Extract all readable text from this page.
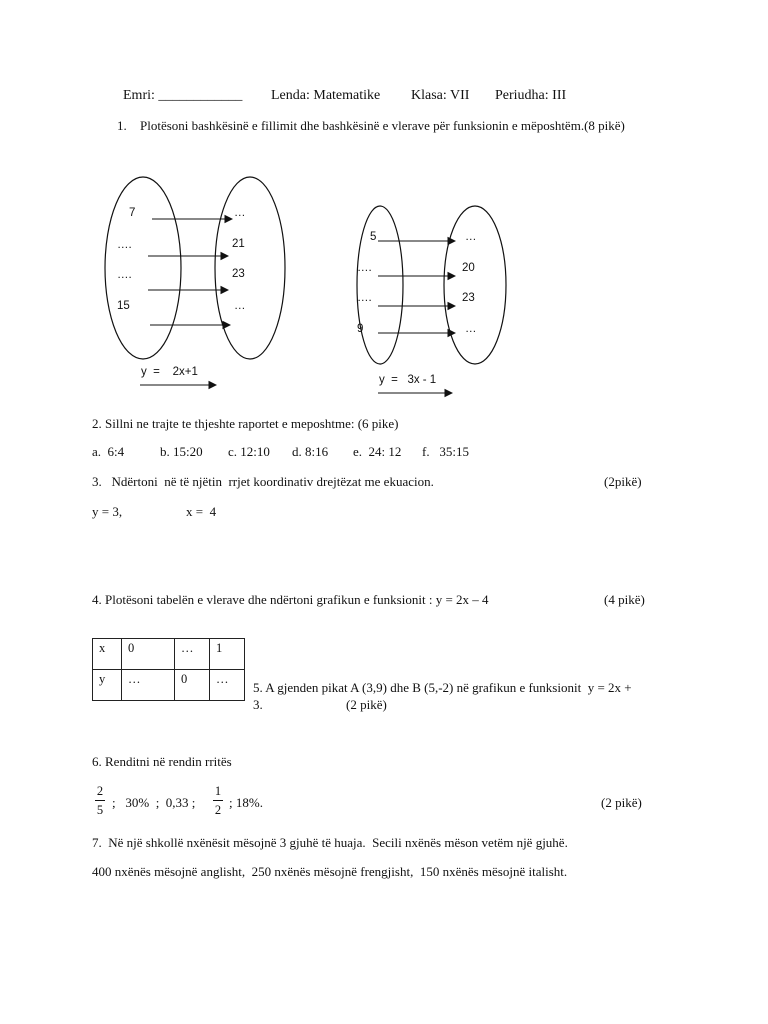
Emri: ____________ Lenda: Matematike Klasa: VII Periudha: III
1. Plotësoni bashkësinë e fillimit dhe bashkësinë e vlerave për funksionin e mëposhtëm.(8 pikë)
7
….
….
15
…
21
23
…
y  =    2x+1
5
….
….
9
…
20
23
…
y  =   3x - 1
2. Sillni ne trajte te thjeshte raportet e meposhtme: (6 pike)
a.  6:4	b. 15:20 c. 12:10 d. 8:16 e.  24: 12 f.   35:15
3.   Ndërtoni  në të njëtin  rrjet koordinativ drejtëzat me ekuacion.	(2pikë)
y = 3,	x =  4
4. Plotësoni tabelën e vlerave dhe ndërtoni grafikun e funksionit : y = 2x – 4	(4 pikë)
x	0	…	1
y	…	0	…
5. A gjenden pikat A (3,9) dhe B (5,-2) në grafikun e funksionit  y = 2x +
3.	(2 pikë)
6. Renditni në rendin rritës
2
5 ;   30%  ;  0,33 ;
1
2 ; 18%.	(2 pikë)
7.  Në një shkollë nxënësit mësojnë 3 gjuhë të huaja.  Secili nxënës mëson vetëm një gjuhë.
400 nxënës mësojnë anglisht,  250 nxënës mësojnë frengjisht,  150 nxënës mësojnë italisht.
